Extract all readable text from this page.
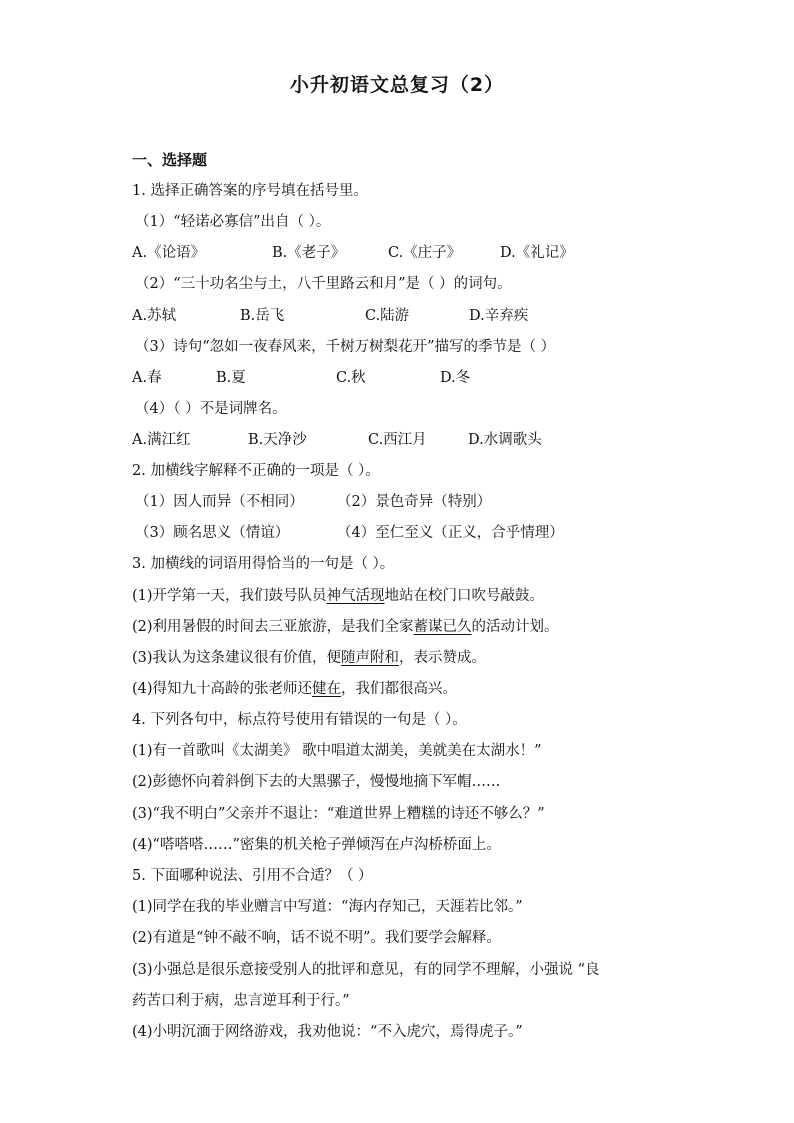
小升初语文总复习（2）
一、选择题
1. 选择正确答案的序号填在括号里。
（1）“轻诺必寡信”出自（ ）。
A.《论语》	B.《老子》	C.《庄子》	D.《礼记》
（2）“三十功名尘与土，八千里路云和月”是（ ）的词句。
A.苏轼	B.岳飞	C.陆游	D.辛弃疾
（3）诗句“忽如一夜春风来，千树万树梨花开”描写的季节是（ ）
A.春	B.夏	C.秋	D.冬
（4）（ ）不是词牌名。
A.满江红	B.天净沙	C.西江月	D.水调歌头
2. 加横线字解释不正确的一项是（ ）。
（1）因人而异（不相同） （2）景色奇异（特别）
（3）顾名思义（情谊）	（4）至仁至义（正义，合乎情理）
3. 加横线的词语用得恰当的一句是（ ）。
(1)开学第一天，我们鼓号队员神气活现地站在校门口吹号敲鼓。
(2)利用暑假的时间去三亚旅游，是我们全家蓄谋已久的活动计划。
(3)我认为这条建议很有价值，便随声附和，表示赞成。
(4)得知九十高龄的张老师还健在，我们都很高兴。
4. 下列各句中，标点符号使用有错误的一句是（ ）。
(1)有一首歌叫《太湖美》 歌中唱道太湖美，美就美在太湖水！”
(2)彭德怀向着斜倒下去的大黑骡子，慢慢地摘下军帽……
(3)“我不明白”父亲并不退让：“难道世界上糟糕的诗还不够么？”
(4)“嗒嗒嗒……”密集的机关枪子弹倾泻在卢沟桥桥面上。
5. 下面哪种说法、引用不合适？（ ）
(1)同学在我的毕业赠言中写道：“海内存知己，天涯若比邻。”
(2)有道是“钟不敲不响，话不说不明”。我们要学会解释。
(3)小强总是很乐意接受别人的批评和意见，有的同学不理解，小强说 “良
药苦口利于病，忠言逆耳利于行。”
(4)小明沉湎于网络游戏，我劝他说：“不入虎穴，焉得虎子。”
